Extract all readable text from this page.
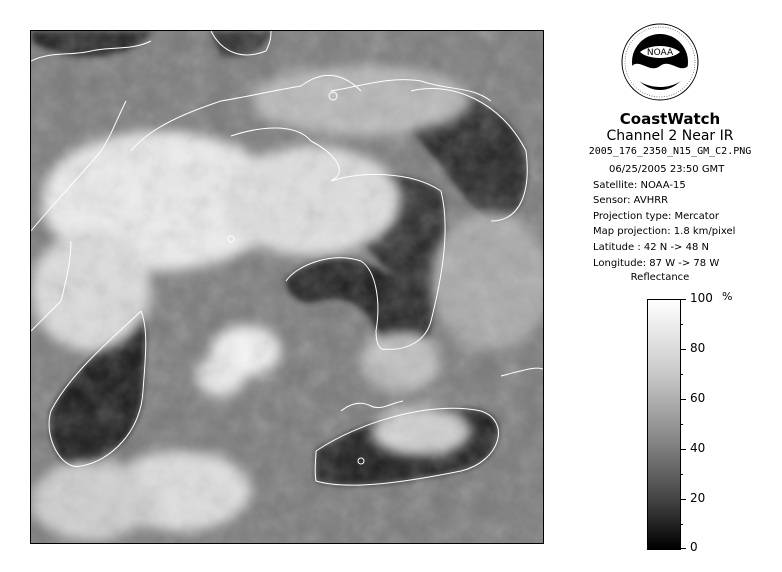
NOAA
CoastWatch
Channel 2 Near IR
2005_176_2350_N15_GM_C2.PNG
06/25/2005 23:50 GMT
Satellite: NOAA-15
Sensor: AVHRR
Projection type: Mercator
Map projection: 1.8 km/pixel
Latitude : 42 N -> 48 N
Longitude: 87 W -> 78 W
Reflectance
%
100
80
60
40
20
0
